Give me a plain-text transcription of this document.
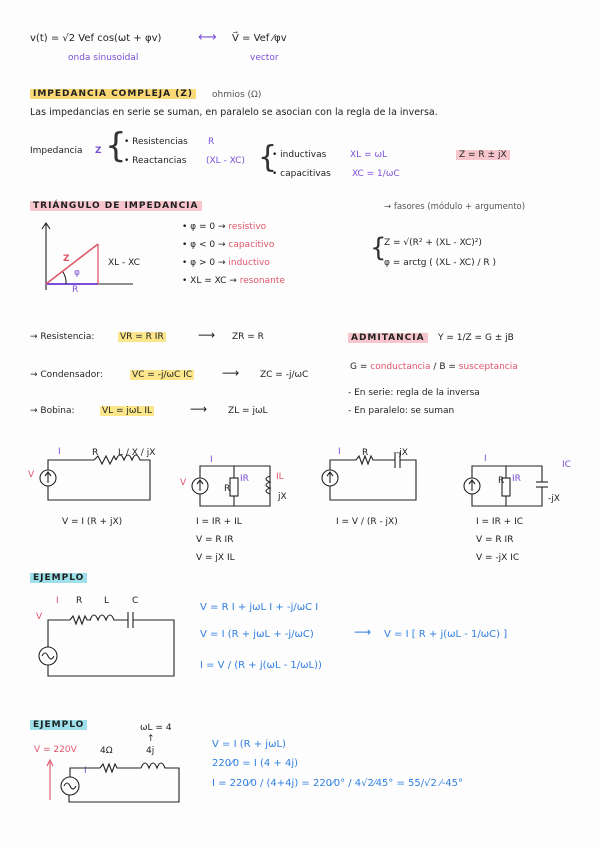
v(t) = √2 Vef cos(ωt + φv)	⟷ V⃗ = Vef ⁄φv
onda sinusoidal	vector
IMPEDANCIA COMPLEJA (Z)	ohmios (Ω)
Las impedancias en serie se suman, en paralelo se asocian con la regla de la inversa.
Impedancia Z {
• Resistencias R
• Reactancias (XL - XC) {
• inductivas	XL = ωL
• capacitivas XC = 1/ωC
Z = R ± jX
TRIÁNGULO DE IMPEDANCIA	→ fasores (módulo + argumento)
Z
φ
R
XL - XC
• φ = 0 → resistivo
• φ < 0 → capacitivo
• φ > 0 → inductivo
• XL = XC → resonante
{
Z = √(R² + (XL - XC)²)
φ = arctg ( (XL - XC) / R )
→ Resistencia:	VR = R IR	⟶ ZR = R
→ Condensador:	VC = -j/ωC IC ⟶ ZC = -j/ωC
→ Bobina:	VL = jωL IL	⟶ ZL = jωL
ADMITANCIA	Y = 1/Z = G ± jB
G = conductancia / B = susceptancia
- En serie: regla de la inversa
- En paralelo: se suman
V
I	R L / X / jX
V = I (R + jX)
V
I
R
IR	IL
jX
I = IR + IL
V = R IR
V = jX IL
I R	-jX
I = V / (R - jX)
I
R IR
IC
-jX
I = IR + IC
V = R IR
V = -jX IC
EJEMPLO
V
I R L	C
V = R I + jωL I + -j/ωC I
V = I (R + jωL + -j/ωC)	⟶ V = I [ R + j(ωL - 1/ωC) ]
I = V / (R + j(ωL - 1/ωL))
EJEMPLO	ωL = 4
↑
V = 220V	4Ω	4j
I
V = I (R + jωL)
220⁄0 = I (4 + 4j)
I = 220⁄0 / (4+4j) = 220⁄0° / 4√2⁄45° = 55/√2 ⁄-45°
